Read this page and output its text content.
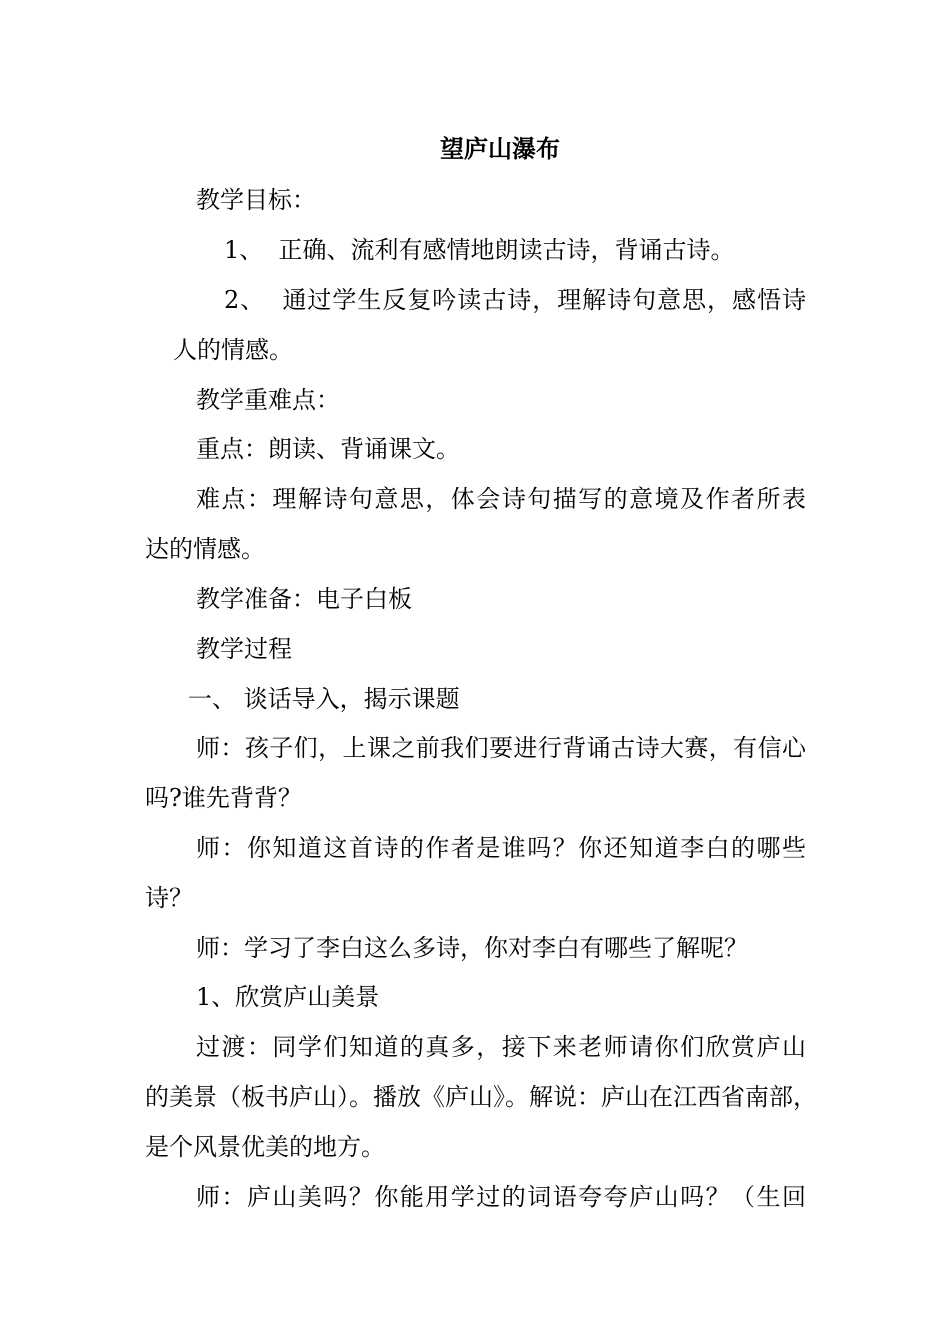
望庐山瀑布
教学目标：
1、  正确、流利有感情地朗读古诗，背诵古诗。
2、  通过学生反复吟读古诗，理解诗句意思，感悟诗
人的情感。
教学重难点：
重点：朗读、背诵课文。
难点：理解诗句意思，体会诗句描写的意境及作者所表
达的情感。
教学准备：电子白板
教学过程
一、 谈话导入，揭示课题
师：孩子们，上课之前我们要进行背诵古诗大赛，有信心
吗?谁先背背？
师：你知道这首诗的作者是谁吗？你还知道李白的哪些
诗？
师：学习了李白这么多诗，你对李白有哪些了解呢？
1、欣赏庐山美景
过渡：同学们知道的真多，接下来老师请你们欣赏庐山
的美景（板书庐山）。播放《庐山》。解说：庐山在江西省南部，
是个风景优美的地方。
师：庐山美吗？你能用学过的词语夸夸庐山吗？（生回
